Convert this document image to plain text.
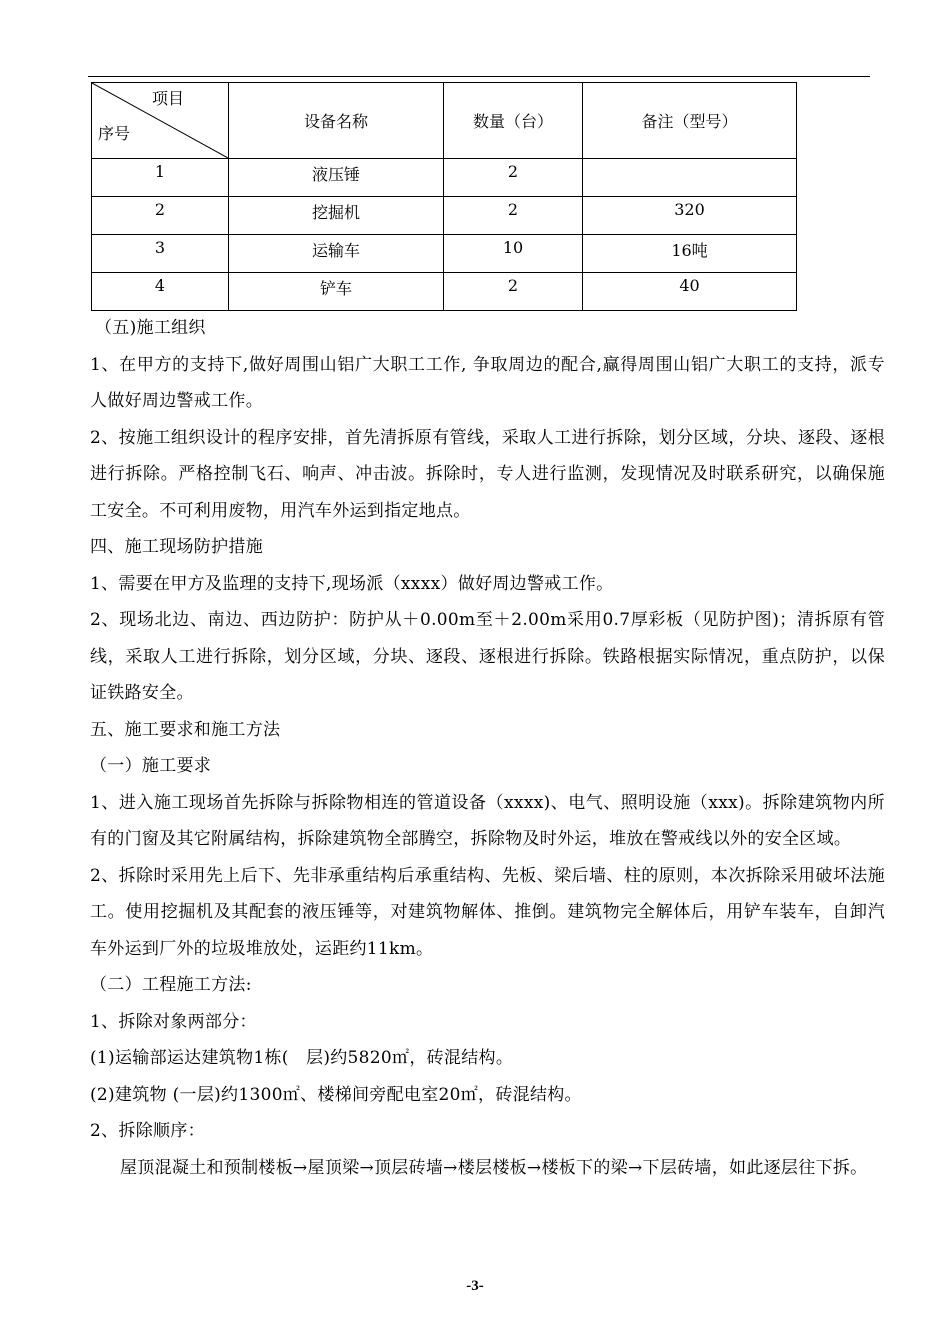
项目
序号	设备名称	数量（台）	备注（型号）
1	液压锤	2	
2	挖掘机	2	320
3	运输车	10	16吨
4	铲车	2	40

（五)施工组织

1、在甲方的支持下,做好周围山铝广大职工工作, 争取周边的配合,赢得周围山铝广大职工的支持，派专人做好周边警戒工作。

2、按施工组织设计的程序安排，首先清拆原有管线，采取人工进行拆除，划分区域，分块、逐段、逐根进行拆除。严格控制飞石、响声、冲击波。拆除时，专人进行监测，发现情况及时联系研究，以确保施工安全。不可利用废物，用汽车外运到指定地点。

四、施工现场防护措施

1、需要在甲方及监理的支持下,现场派（xxxx）做好周边警戒工作。

2、现场北边、南边、西边防护：防护从＋0.00m至＋2.00m采用0.7厚彩板（见防护图)；清拆原有管线，采取人工进行拆除，划分区域，分块、逐段、逐根进行拆除。铁路根据实际情况，重点防护，以保证铁路安全。

五、施工要求和施工方法

（一）施工要求

1、进入施工现场首先拆除与拆除物相连的管道设备（xxxx)、电气、照明设施（xxx)。拆除建筑物内所有的门窗及其它附属结构，拆除建筑物全部腾空，拆除物及时外运，堆放在警戒线以外的安全区域。

2、拆除时采用先上后下、先非承重结构后承重结构、先板、梁后墙、柱的原则，本次拆除采用破坏法施工。使用挖掘机及其配套的液压锤等，对建筑物解体、推倒。建筑物完全解体后，用铲车装车，自卸汽车外运到厂外的垃圾堆放处，运距约11km。

（二）工程施工方法:

1、拆除对象两部分：

(1)运输部运达建筑物1栋(　层)约5820㎡，砖混结构。

(2)建筑物 (一层)约1300㎡、楼梯间旁配电室20㎡，砖混结构。

2、拆除顺序：

屋顶混凝土和预制楼板→屋顶梁→顶层砖墙→楼层楼板→楼板下的梁→下层砖墙，如此逐层往下拆。

-3-
